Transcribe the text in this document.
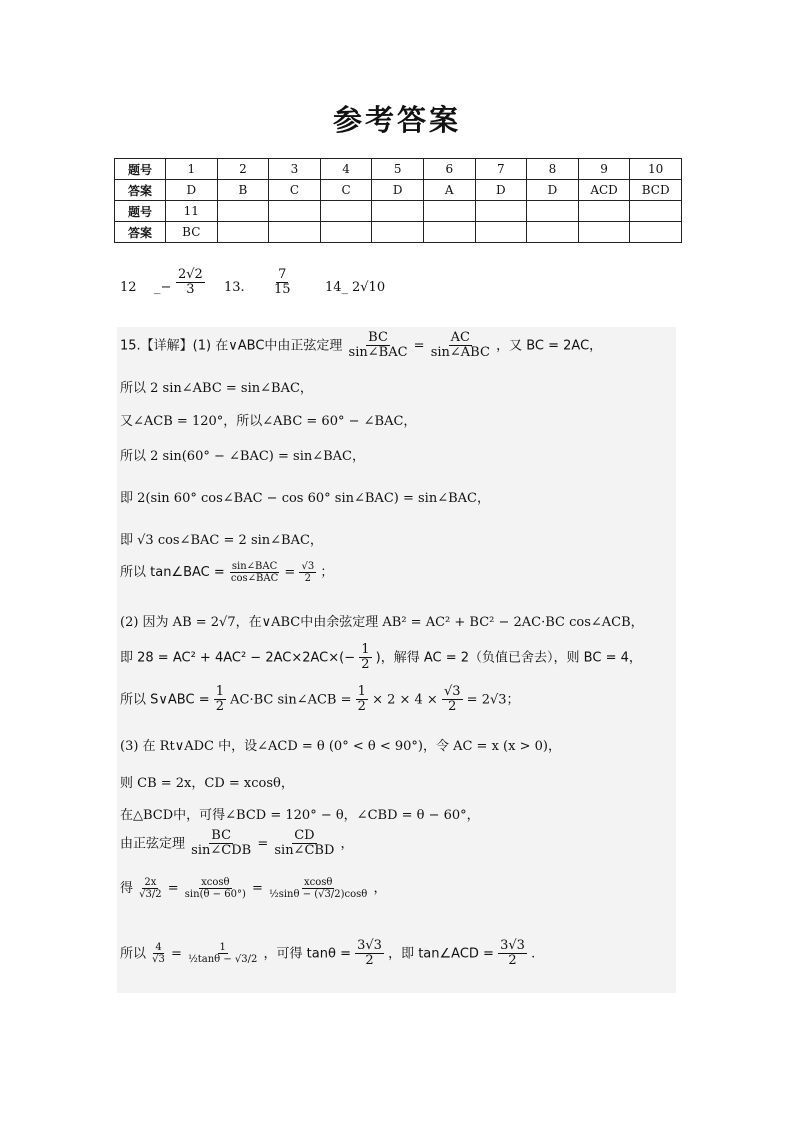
参考答案
题号	1	2	3	4	5	6	7	8	9	10
答案	D	B	C	C	D	A	D	D	ACD	BCD
题号	11									
答案	BC									
12 _− $\frac{2√2}{3} 13$. $\frac{7}{15}$ 14_ 2√10
15.【详解】(1) 在∨ABC中由正弦定理 $\frac{BC}{\text{sin∠BAC}} = \frac{AC}{\text{sin∠ABC}}$ ，又 BC = 2AC，
所以 2 sin∠ABC = sin∠BAC，
又∠ACB = 120°，所以∠ABC = 60° − ∠BAC，
所以 2 sin(60° − ∠BAC) = sin∠BAC，
即 2(sin 60° cos∠BAC − cos 60° sin∠BAC) = sin∠BAC，
即 √3 cos∠BAC = 2 sin∠BAC，
所以 tan∠BAC = $\frac{\text{sin∠BAC}}{\text{cos∠BAC}} = \frac{√3}{2}$ ；
(2) 因为 AB = 2√7，在∨ABC中由余弦定理 AB² = AC² + BC² − 2AC·BC cos∠ACB，
即 $28 = AC^2 + 4AC^2 - 2AC\times 2AC\times(- \frac{1}{2}$ )，解得 AC = 2（负值已舍去），则 BC = 4，
所以 S∨ABC = $\frac{1}{2} AC\cdot BC$ sin∠ACB = $\frac{1}{2} \times 2 \times 4 \times \frac{√3}{2} = 2√3$；
(3) 在 Rt∨ADC 中，设∠ACD = θ (0° < θ < 90°)，令 AC = x (x > 0)，
则 CB = 2x，CD = xcosθ，
在△BCD中，可得∠BCD = 120° − θ，∠CBD = θ − 60°，
由正弦定理 $\frac{BC}{\text{sin∠CDB}} = \frac{CD}{\text{sin∠CBD}}$ ，
得 $\frac{2x}{√3/2} = \frac{xcos\theta}{\sin(\theta - 60^\circ)} = \frac{xcos\theta}{\text{½sinθ − (√3/2)cosθ}}$ ，
所以 $\frac{4}{√3} = \frac{1}{\text{½tanθ − √3/2}}$ ，可得 $\tan\theta = \frac{3√3}{2}$ ，即 tan∠ACD = $\frac{3√3}{2}$ .
